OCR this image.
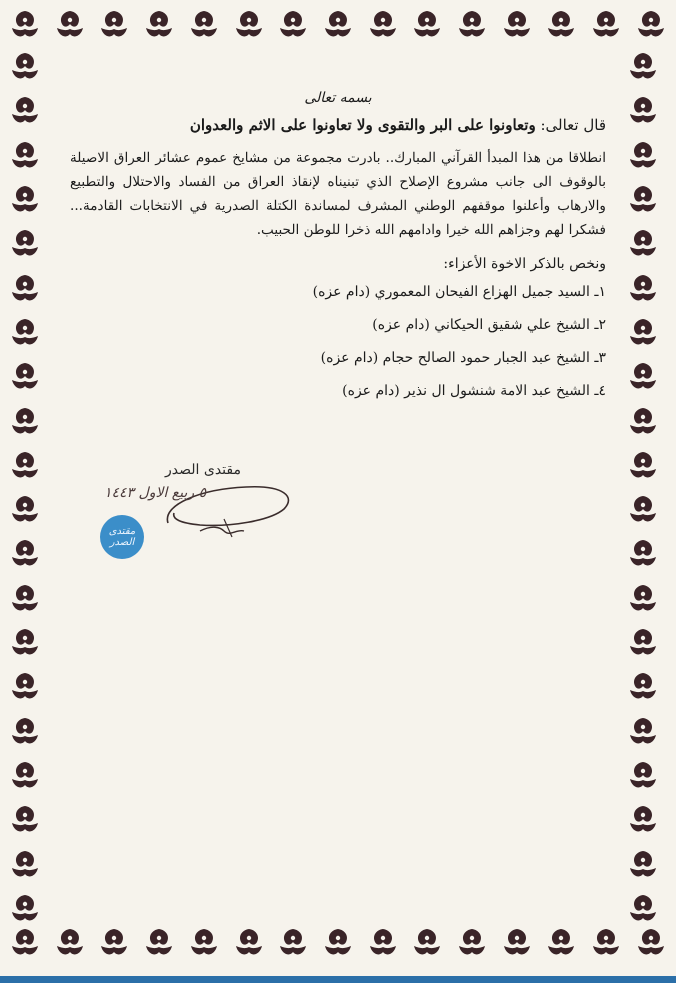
بسمه تعالى
قال تعالى: وتعاونوا على البر والتقوى ولا تعاونوا على الاثم والعدوان
انطلاقا من هذا المبدأ القرآني المبارك.. بادرت مجموعة من مشايخ عموم عشائر العراق الاصيلة بالوقوف الى جانب مشروع الإصلاح الذي تبنيناه لإنقاذ العراق من الفساد والاحتلال والتطبيع والارهاب وأعلنوا موقفهم الوطني المشرف لمساندة الكتلة الصدرية في الانتخابات القادمة... فشكرا لهم وجزاهم الله خيرا وادامهم الله ذخرا للوطن الحبيب.
ونخص بالذكر الاخوة الأعزاء:
١ـ السيد جميل الهزاع الفيحان المعموري (دام عزه)
٢ـ الشيخ علي شقيق الحيكاني (دام عزه)
٣ـ الشيخ عبد الجبار حمود الصالح حجام (دام عزه)
٤ـ الشيخ عبد الامة شنشول ال نذير (دام عزه)
مقتدى الصدر
٥ ربيع الاول ١٤٤٣
مقتدى الصدر
